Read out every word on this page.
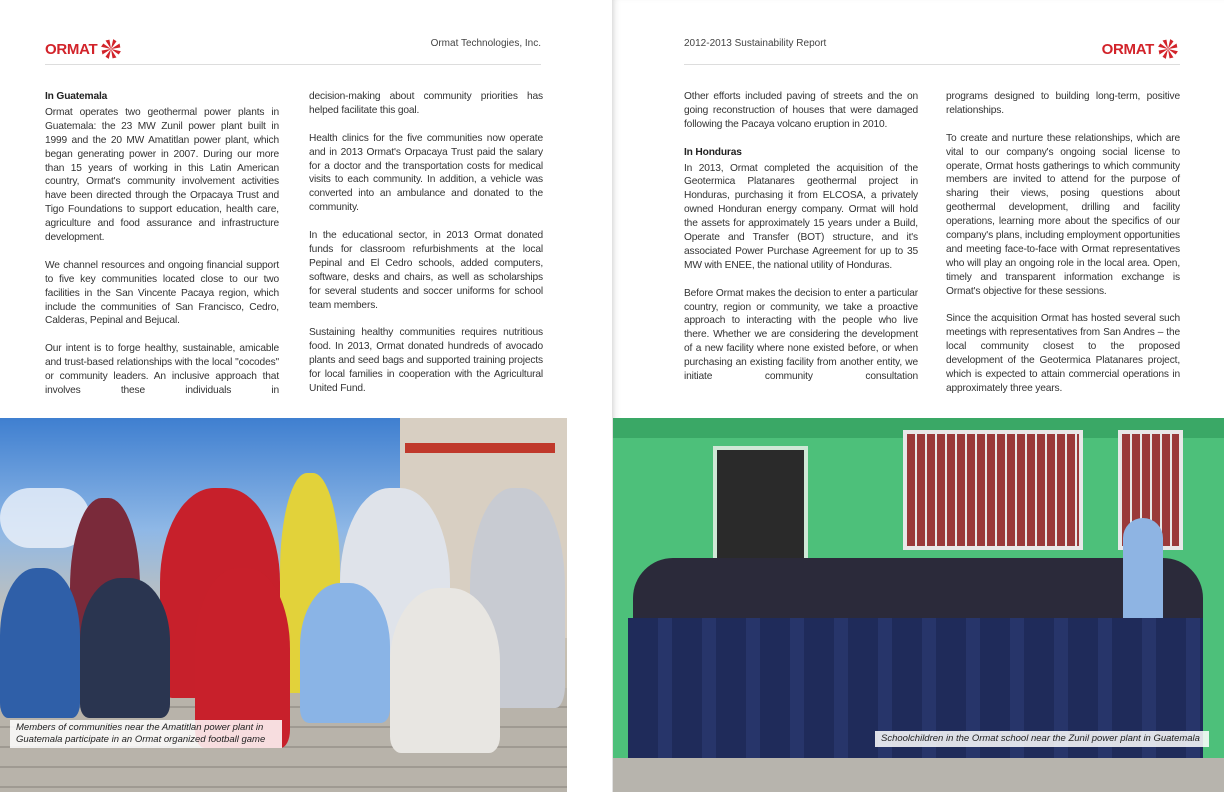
ORMAT	Ormat Technologies, Inc.
In Guatemala

Ormat operates two geothermal power plants in Guatemala: the 23 MW Zunil power plant built in 1999 and the 20 MW Amatitlan power plant, which began generating power in 2007. During our more than 15 years of working in this Latin American country, Ormat's community involvement activities have been directed through the Orpacaya Trust and Tigo Foundations to support education, health care, agriculture and food assurance and infrastructure development.

We channel resources and ongoing financial support to five key communities located close to our two facilities in the San Vincente Pacaya region, which include the communities of San Francisco, Cedro, Calderas, Pepinal and Bejucal.

Our intent is to forge healthy, sustainable, amicable and trust-based relationships with the local "cocodes" or community leaders. An inclusive approach that involves these individuals in

decision-making about community priorities has helped facilitate this goal.

Health clinics for the five communities now operate and in 2013 Ormat's Orpacaya Trust paid the salary for a doctor and the transportation costs for medical visits to each community. In addition, a vehicle was converted into an ambulance and donated to the community.

In the educational sector, in 2013 Ormat donated funds for classroom refurbishments at the local Pepinal and El Cedro schools, added computers, software, desks and chairs, as well as scholarships for several students and soccer uniforms for school team members.

Sustaining healthy communities requires nutritious food. In 2013, Ormat donated hundreds of avocado plants and seed bags and supported training projects for local families in cooperation with the Agricultural United Fund.

Members of communities near the Amatitlan power plant in Guatemala participate in an Ormat organized football game
2012-2013 Sustainability Report	ORMAT

Other efforts included paving of streets and the on going reconstruction of houses that were damaged following the Pacaya volcano eruption in 2010.

In Honduras

In 2013, Ormat completed the acquisition of the Geotermica Platanares geothermal project in Honduras, purchasing it from ELCOSA, a privately owned Honduran energy company. Ormat will hold the assets for approximately 15 years under a Build, Operate and Transfer (BOT) structure, and it's associated Power Purchase Agreement for up to 35 MW with ENEE, the national utility of Honduras.

Before Ormat makes the decision to enter a particular country, region or community, we take a proactive approach to interacting with the people who live there. Whether we are considering the development of a new facility where none existed before, or when purchasing an existing facility from another entity, we initiate community consultation

programs designed to building long-term, positive relationships.

To create and nurture these relationships, which are vital to our company's ongoing social license to operate, Ormat hosts gatherings to which community members are invited to attend for the purpose of sharing their views, posing questions about geothermal development, drilling and facility operations, learning more about the specifics of our company's plans, including employment opportunities and meeting face-to-face with Ormat representatives who will play an ongoing role in the local area. Open, timely and transparent information exchange is Ormat's objective for these sessions.

Since the acquisition Ormat has hosted several such meetings with representatives from San Andres – the local community closest to the proposed development of the Geotermica Platanares project, which is expected to attain commercial operations in approximately three years.

Schoolchildren in the Ormat school near the Zunil power plant in Guatemala
